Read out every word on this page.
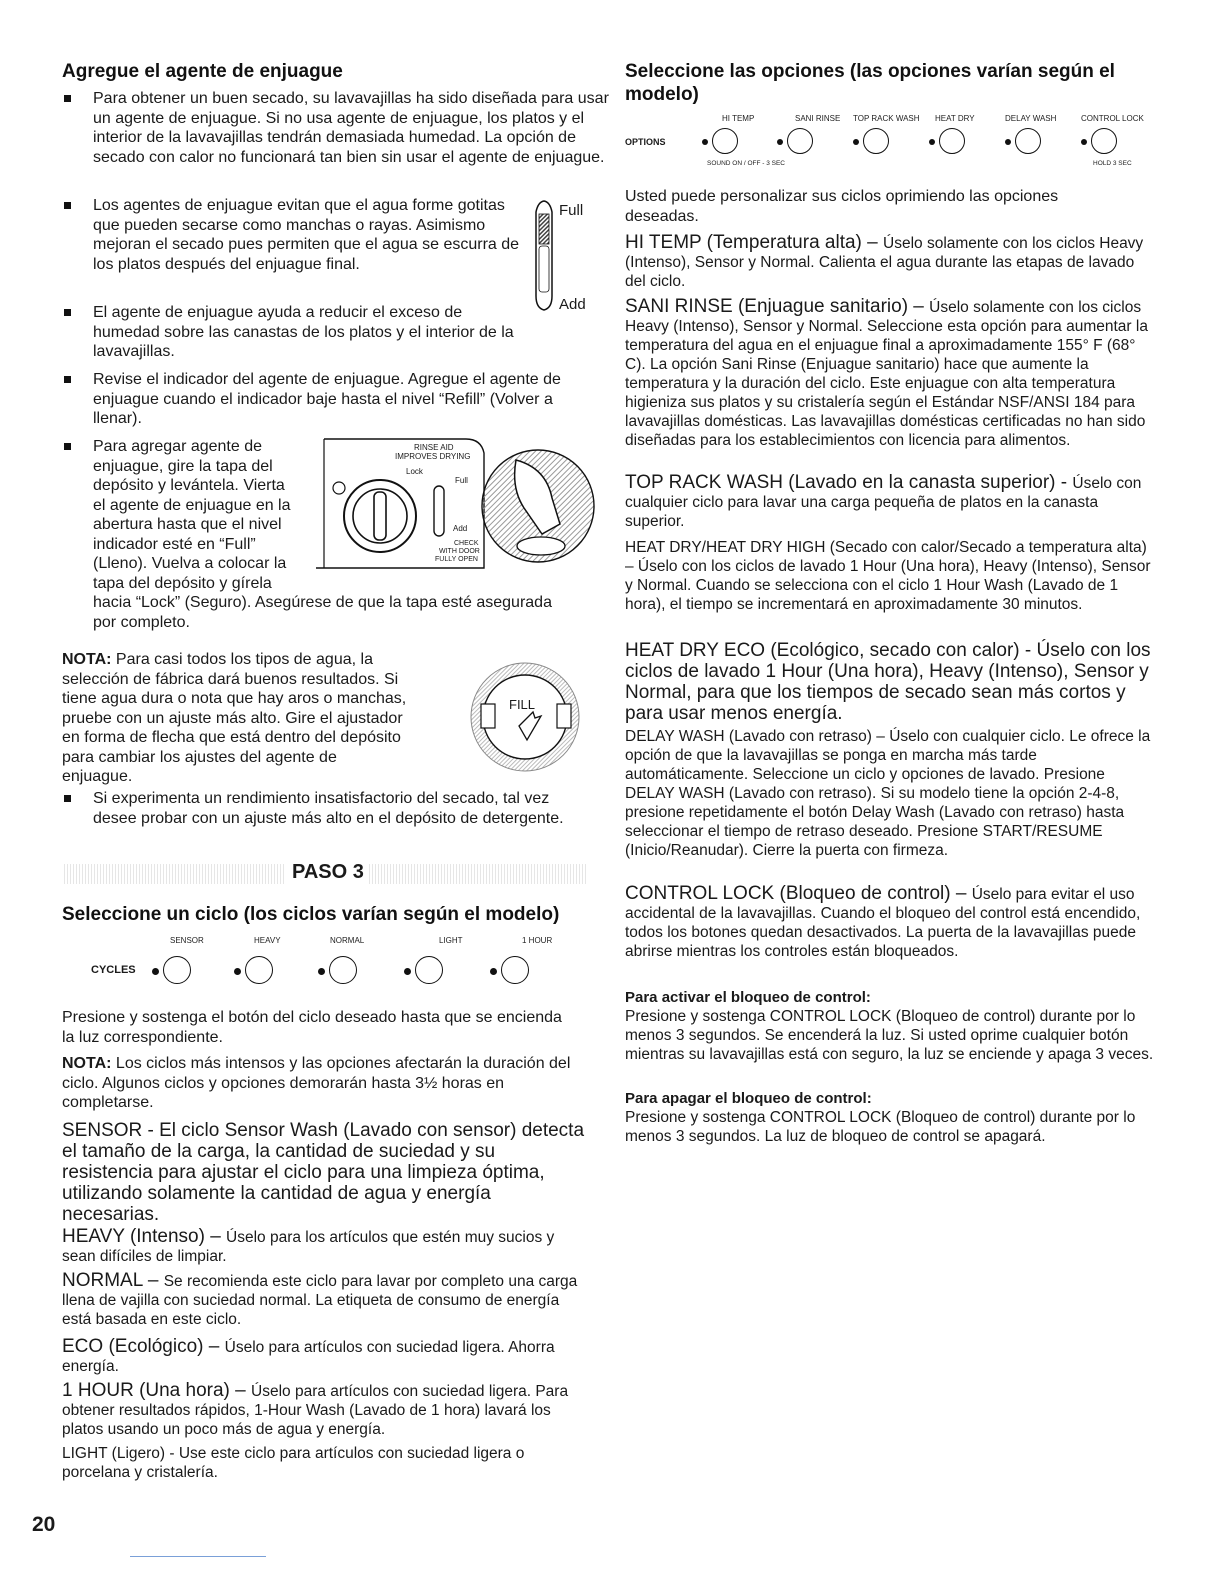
Agregue el agente de enjuague
Para obtener un buen secado, su lavavajillas ha sido diseñada para usar un agente de enjuague. Si no usa agente de enjuague, los platos y el interior de la lavavajillas tendrán demasiada humedad. La opción de secado con calor no funcionará tan bien sin usar el agente de enjuague.
Los agentes de enjuague evitan que el agua forme gotitas que pueden secarse como manchas o rayas. Asimismo mejoran el secado pues permiten que el agua se escurra de los platos después del enjuague final.
Full
Add
El agente de enjuague ayuda a reducir el exceso de humedad sobre las canastas de los platos y el interior de la lavavajillas.
Revise el indicador del agente de enjuague. Agregue el agente de enjuague cuando el indicador baje hasta el nivel “Refill” (Volver a llenar).
Para agregar agente de
enjuague, gire la tapa del
depósito y levántela. Vierta
el agente de enjuague en la
abertura hasta que el nivel
indicador esté en “Full”
(Lleno). Vuelva a colocar la
tapa del depósito y gírela
hacia “Lock” (Seguro). Asegúrese de que la tapa esté asegurada por completo.
RINSE AID
IMPROVES DRYING
Lock
Full
Add
CHECK
WITH DOOR
FULLY OPEN
NOTA: Para casi todos los tipos de agua, la
selección de fábrica dará buenos resultados. Si
tiene agua dura o nota que hay aros o manchas,
pruebe con un ajuste más alto. Gire el ajustador
en forma de flecha que está dentro del depósito
para cambiar los ajustes del agente de
enjuague.
FILL
Si experimenta un rendimiento insatisfactorio del secado, tal vez desee probar con un ajuste más alto en el depósito de detergente.
PASO 3
Seleccione un ciclo (los ciclos varían según el modelo)
CYCLES
SENSOR	HEAVY	NORMAL	LIGHT	1 HOUR

Presione y sostenga el botón del ciclo deseado hasta que se encienda la luz correspondiente.

NOTA: Los ciclos más intensos y las opciones afectarán la duración del ciclo. Algunos ciclos y opciones demorarán hasta 3½ horas en completarse.

SENSOR - El ciclo Sensor Wash (Lavado con sensor) detecta el tamaño de la carga, la cantidad de suciedad y su resistencia para ajustar el ciclo para una limpieza óptima, utilizando solamente la cantidad de agua y energía necesarias.

HEAVY (Intenso) – Úselo para los artículos que estén muy sucios y sean difíciles de limpiar.

NORMAL – Se recomienda este ciclo para lavar por completo una carga llena de vajilla con suciedad normal. La etiqueta de consumo de energía está basada en este ciclo.

ECO (Ecológico) – Úselo para artículos con suciedad ligera. Ahorra energía.

1 HOUR (Una hora) – Úselo para artículos con suciedad ligera. Para obtener resultados rápidos, 1-Hour Wash (Lavado de 1 hora) lavará los platos usando un poco más de agua y energía.

LIGHT (Ligero) - Use este ciclo para artículos con suciedad ligera o porcelana y cristalería.

Seleccione las opciones (las opciones varían según el modelo)
OPTIONS
HI TEMP	SANI RINSE TOP RACK WASH HEAT DRY	DELAY WASH	CONTROL LOCK
SOUND ON / OFF - 3 SEC	HOLD 3 SEC

Usted puede personalizar sus ciclos oprimiendo las opciones deseadas.

HI TEMP (Temperatura alta) – Úselo solamente con los ciclos Heavy (Intenso), Sensor y Normal. Calienta el agua durante las etapas de lavado del ciclo.

SANI RINSE (Enjuague sanitario) – Úselo solamente con los ciclos Heavy (Intenso), Sensor y Normal. Seleccione esta opción para aumentar la temperatura del agua en el enjuague final a aproximadamente 155° F (68° C). La opción Sani Rinse (Enjuague sanitario) hace que aumente la temperatura y la duración del ciclo. Este enjuague con alta temperatura higieniza sus platos y su cristalería según el Estándar NSF/ANSI 184 para lavavajillas domésticas. Las lavavajillas domésticas certificadas no han sido diseñadas para los establecimientos con licencia para alimentos.

TOP RACK WASH (Lavado en la canasta superior) - Úselo con cualquier ciclo para lavar una carga pequeña de platos en la canasta superior.

HEAT DRY/HEAT DRY HIGH (Secado con calor/Secado a temperatura alta) – Úselo con los ciclos de lavado 1 Hour (Una hora), Heavy (Intenso), Sensor y Normal. Cuando se selecciona con el ciclo 1 Hour Wash (Lavado de 1 hora), el tiempo se incrementará en aproximadamente 30 minutos.

HEAT DRY ECO (Ecológico, secado con calor) - Úselo con los ciclos de lavado 1 Hour (Una hora), Heavy (Intenso), Sensor y Normal, para que los tiempos de secado sean más cortos y para usar menos energía.

DELAY WASH (Lavado con retraso) – Úselo con cualquier ciclo. Le ofrece la opción de que la lavavajillas se ponga en marcha más tarde automáticamente. Seleccione un ciclo y opciones de lavado. Presione DELAY WASH (Lavado con retraso). Si su modelo tiene la opción 2-4-8, presione repetidamente el botón Delay Wash (Lavado con retraso) hasta seleccionar el tiempo de retraso deseado. Presione START/RESUME (Inicio/Reanudar). Cierre la puerta con firmeza.

CONTROL LOCK (Bloqueo de control) – Úselo para evitar el uso accidental de la lavavajillas. Cuando el bloqueo del control está encendido, todos los botones quedan desactivados. La puerta de la lavavajillas puede abrirse mientras los controles están bloqueados.

Para activar el bloqueo de control:

Presione y sostenga CONTROL LOCK (Bloqueo de control) durante por lo menos 3 segundos. Se encenderá la luz. Si usted oprime cualquier botón mientras su lavavajillas está con seguro, la luz se enciende y apaga 3 veces.

Para apagar el bloqueo de control:

Presione y sostenga CONTROL LOCK (Bloqueo de control) durante por lo menos 3 segundos. La luz de bloqueo de control se apagará.

20
